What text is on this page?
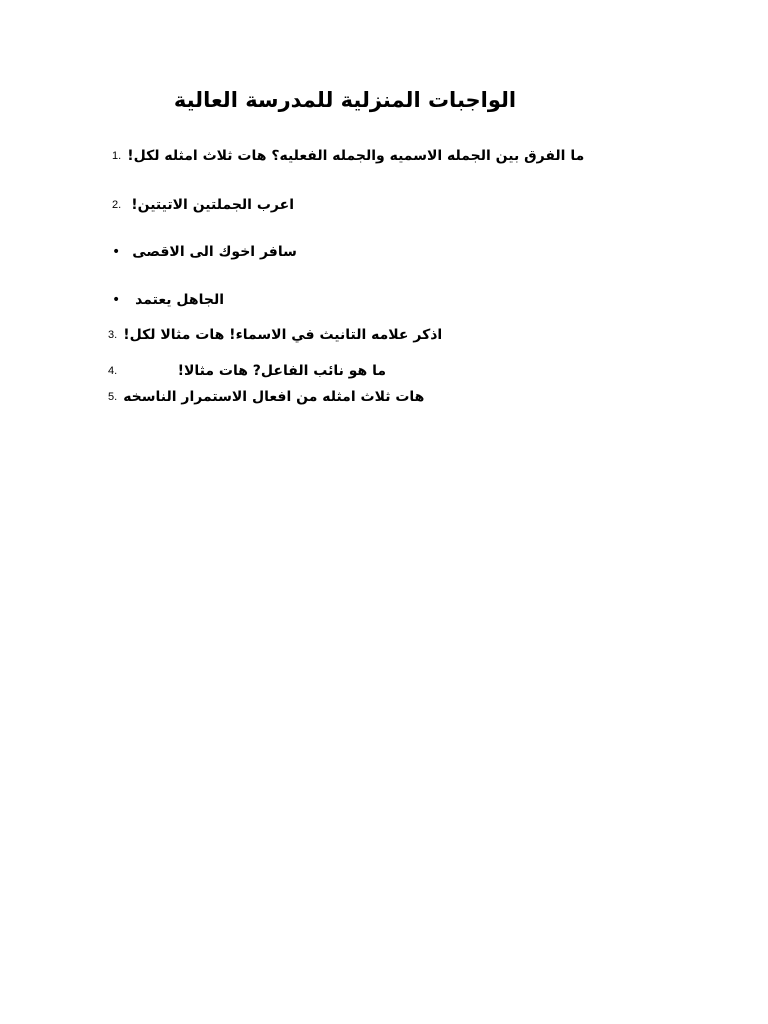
الواجبات المنزلية للمدرسة العالية
1. ما الفرق بين الجمله الاسميه والجمله الفعليه؟ هات ثلاث امثله لكل!
2. اعرب الجملتين الاتيتين!
• سافر اخوك الى الاقصى
• الجاهل يعتمد
3. اذكر علامه التانيث في الاسماء! هات مثالا لكل!
4.	ما هو نائب الفاعل? هات مثالا!
5. هات ثلاث امثله من افعال الاستمرار الناسخه
